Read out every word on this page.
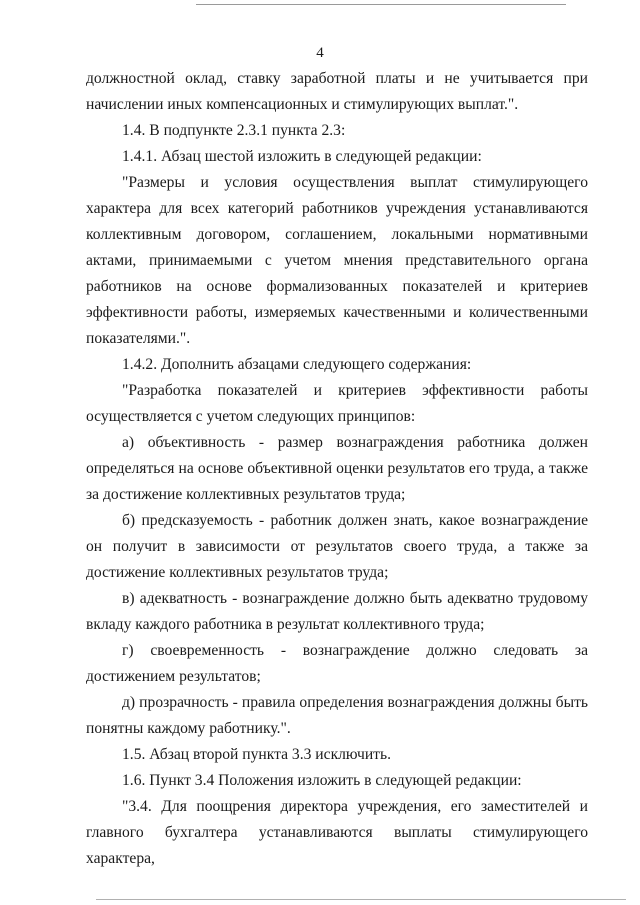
4

должностной оклад, ставку заработной платы и не учитывается при начислении иных компенсационных и стимулирующих выплат.".

1.4. В подпункте 2.3.1 пункта 2.3:

1.4.1. Абзац шестой изложить в следующей редакции:

"Размеры и условия осуществления выплат стимулирующего характера для всех категорий работников учреждения устанавливаются коллективным договором, соглашением, локальными нормативными актами, принимаемыми с учетом мнения представительного органа работников на основе формализованных показателей и критериев эффективности работы, измеряемых качественными и количественными показателями.".

1.4.2. Дополнить абзацами следующего содержания:

"Разработка показателей и критериев эффективности работы осуществляется с учетом следующих принципов:

а) объективность - размер вознаграждения работника должен определяться на основе объективной оценки результатов его труда, а также за достижение коллективных результатов труда;

б) предсказуемость - работник должен знать, какое вознаграждение он получит в зависимости от результатов своего труда, а также за достижение коллективных результатов труда;

в) адекватность - вознаграждение должно быть адекватно трудовому вкладу каждого работника в результат коллективного труда;

г) своевременность - вознаграждение должно следовать за достижением результатов;

д) прозрачность - правила определения вознаграждения должны быть понятны каждому работнику.".

1.5. Абзац второй пункта 3.3 исключить.

1.6. Пункт 3.4 Положения изложить в следующей редакции:

"3.4. Для поощрения директора учреждения, его заместителей и главного бухгалтера устанавливаются выплаты стимулирующего характера,
